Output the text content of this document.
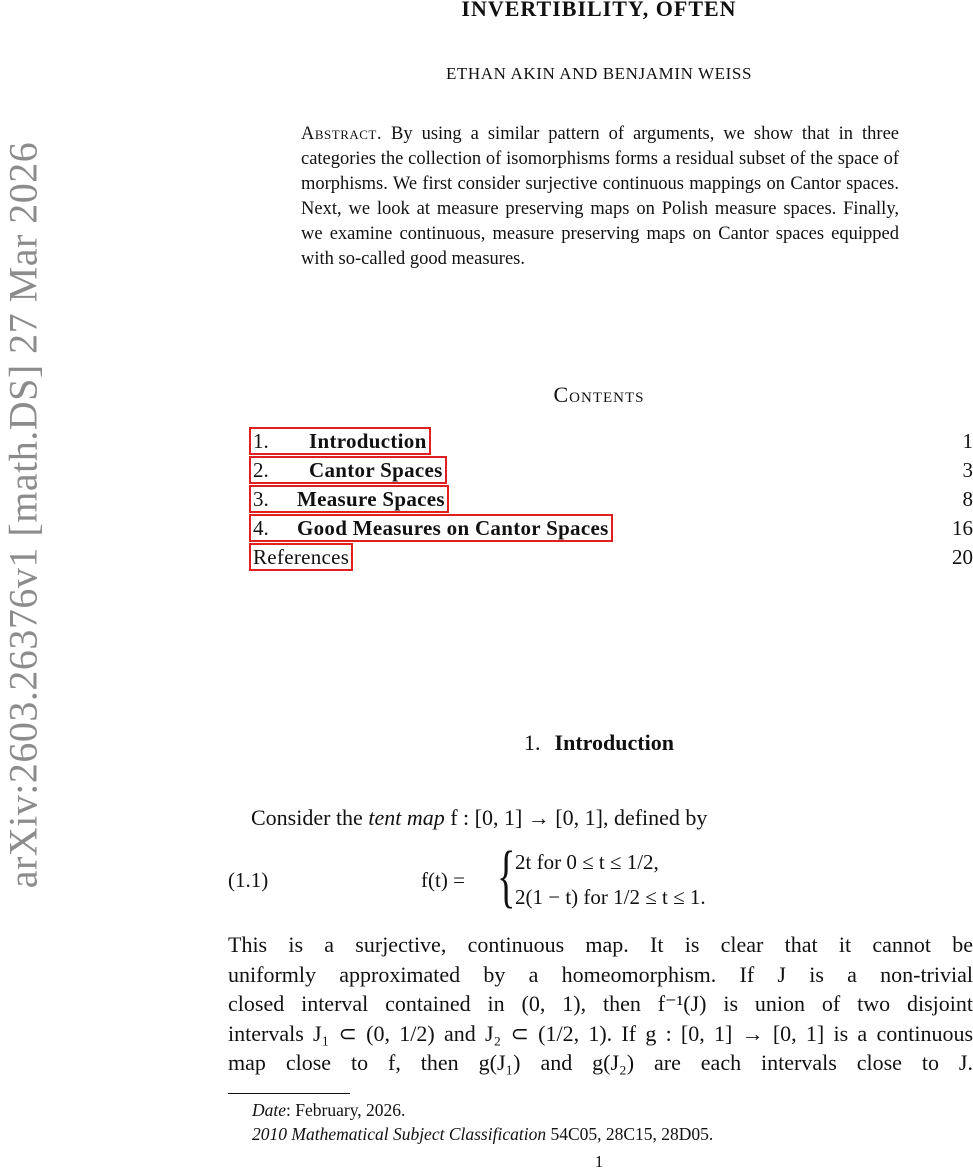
arXiv:2603.26376v1 [math.DS] 27 Mar 2026
INVERTIBILITY, OFTEN
ETHAN AKIN AND BENJAMIN WEISS
Abstract. By using a similar pattern of arguments, we show that in three categories the collection of isomorphisms forms a residual subset of the space of morphisms. We first consider surjective continuous mappings on Cantor spaces. Next, we look at measure preserving maps on Polish measure spaces. Finally, we examine continuous, measure preserving maps on Cantor spaces equipped with so-called good measures.
Contents
1. Introduction	1
2. Cantor Spaces	3
3. Measure Spaces	8
4. Good Measures on Cantor Spaces	16
References	20
1. Introduction
Consider the tent map f : [0, 1] → [0, 1], defined by
(1.1)	f(t) = { 2t for 0 ≤ t ≤ 1/2,
2(1 − t) for 1/2 ≤ t ≤ 1.
This is a surjective, continuous map. It is clear that it cannot be
uniformly approximated by a homeomorphism. If J is a non-trivial
closed interval contained in (0, 1), then f⁻¹(J) is union of two disjoint
intervals J₁ ⊂ (0, 1/2) and J₂ ⊂ (1/2, 1). If g : [0, 1] → [0, 1] is a continuous
map close to f, then g(J₁) and g(J₂) are each intervals close to J.
Date: February, 2026.
2010 Mathematical Subject Classification 54C05, 28C15, 28D05.
1
